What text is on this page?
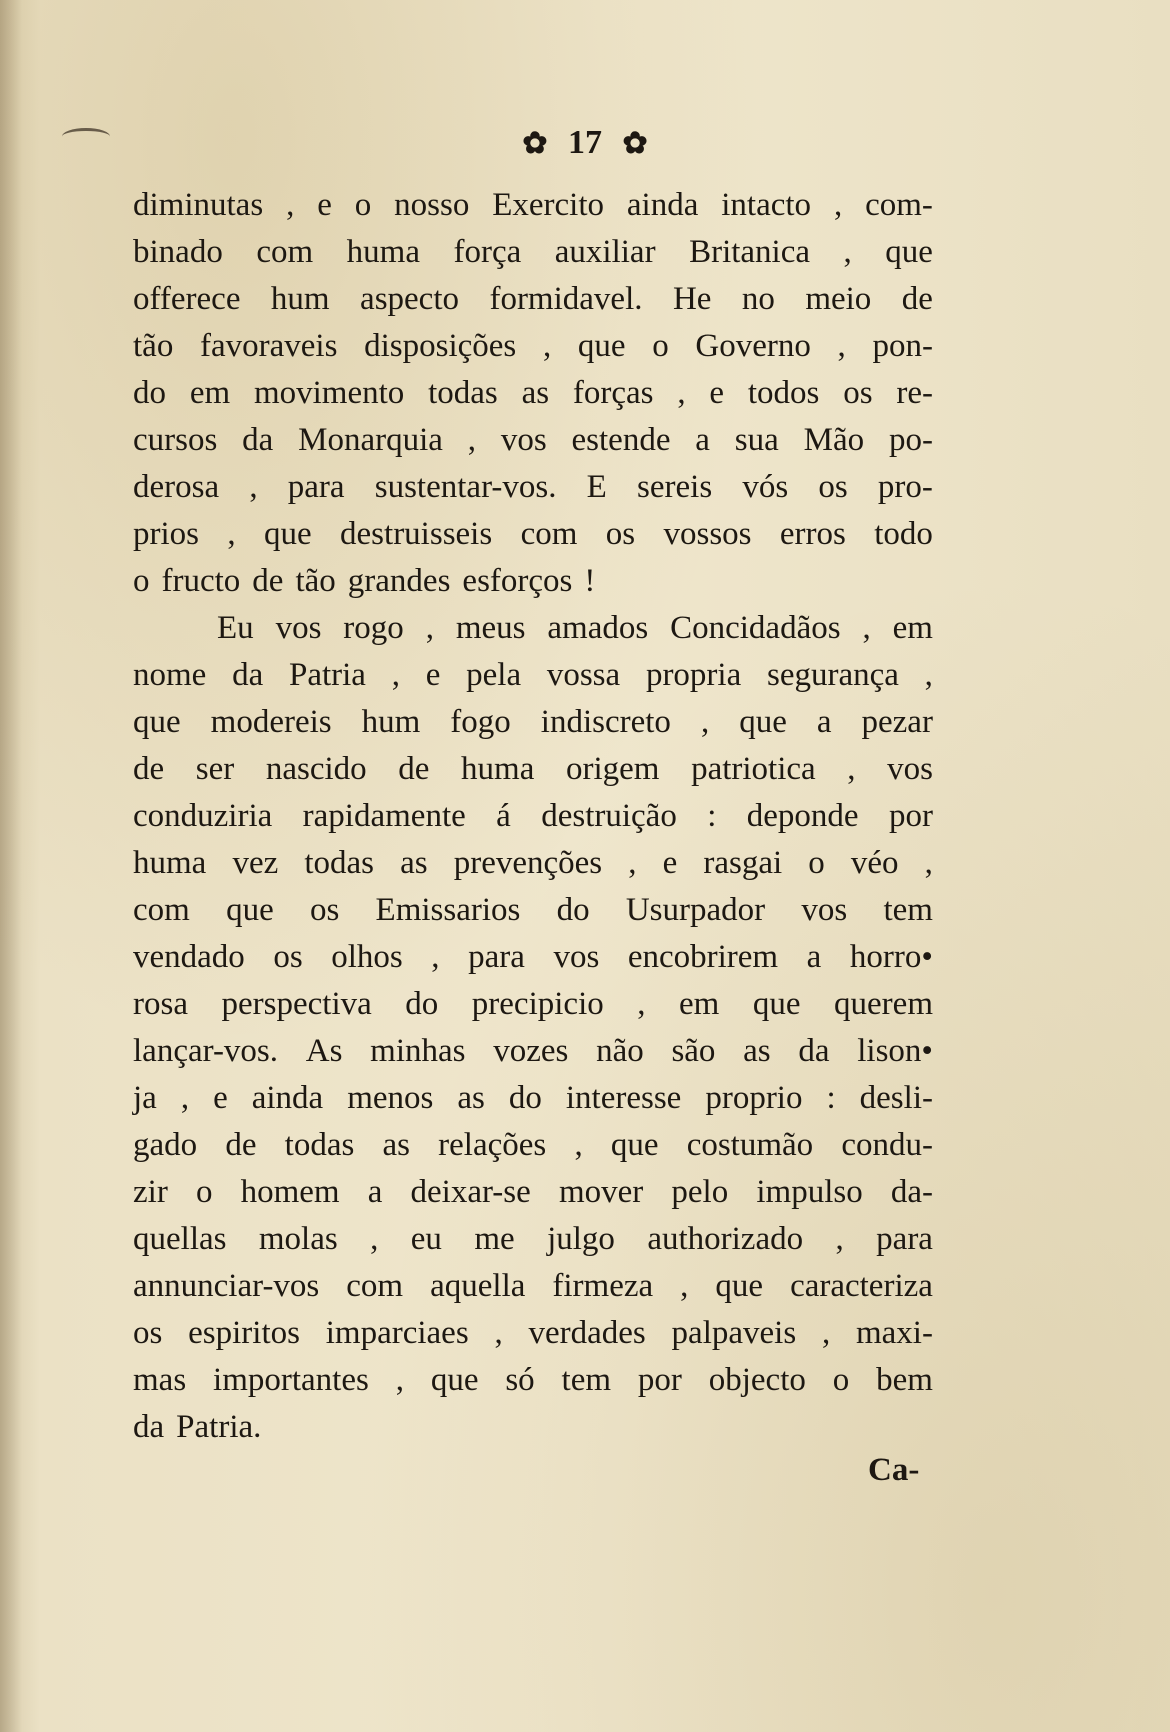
✿ 17 ✿
diminutas , e o nosso Exercito ainda intacto , com-
binado com huma força auxiliar Britanica , que
offerece hum aspecto formidavel. He no meio de
tão favoraveis disposições , que o Governo , pon-
do em movimento todas as forças , e todos os re-
cursos da Monarquia , vos estende a sua Mão po-
derosa , para sustentar-vos. E sereis vós os pro-
prios , que destruisseis com os vossos erros todo
o fructo de tão grandes esforços !
Eu vos rogo , meus amados Concidadãos , em
nome da Patria , e pela vossa propria segurança ,
que modereis hum fogo indiscreto , que a pezar
de ser nascido de huma origem patriotica , vos
conduziria rapidamente á destruição : deponde por
huma vez todas as prevenções , e rasgai o véo ,
com que os Emissarios do Usurpador vos tem
vendado os olhos , para vos encobrirem a horro•
rosa perspectiva do precipicio , em que querem
lançar-vos. As minhas vozes não são as da lison•
ja , e ainda menos as do interesse proprio : desli-
gado de todas as relações , que costumão condu-
zir o homem a deixar-se mover pelo impulso da-
quellas molas , eu me julgo authorizado , para
annunciar-vos com aquella firmeza , que caracteriza
os espiritos imparciaes , verdades palpaveis , maxi-
mas importantes , que só tem por objecto o bem
da Patria.
Ca-
